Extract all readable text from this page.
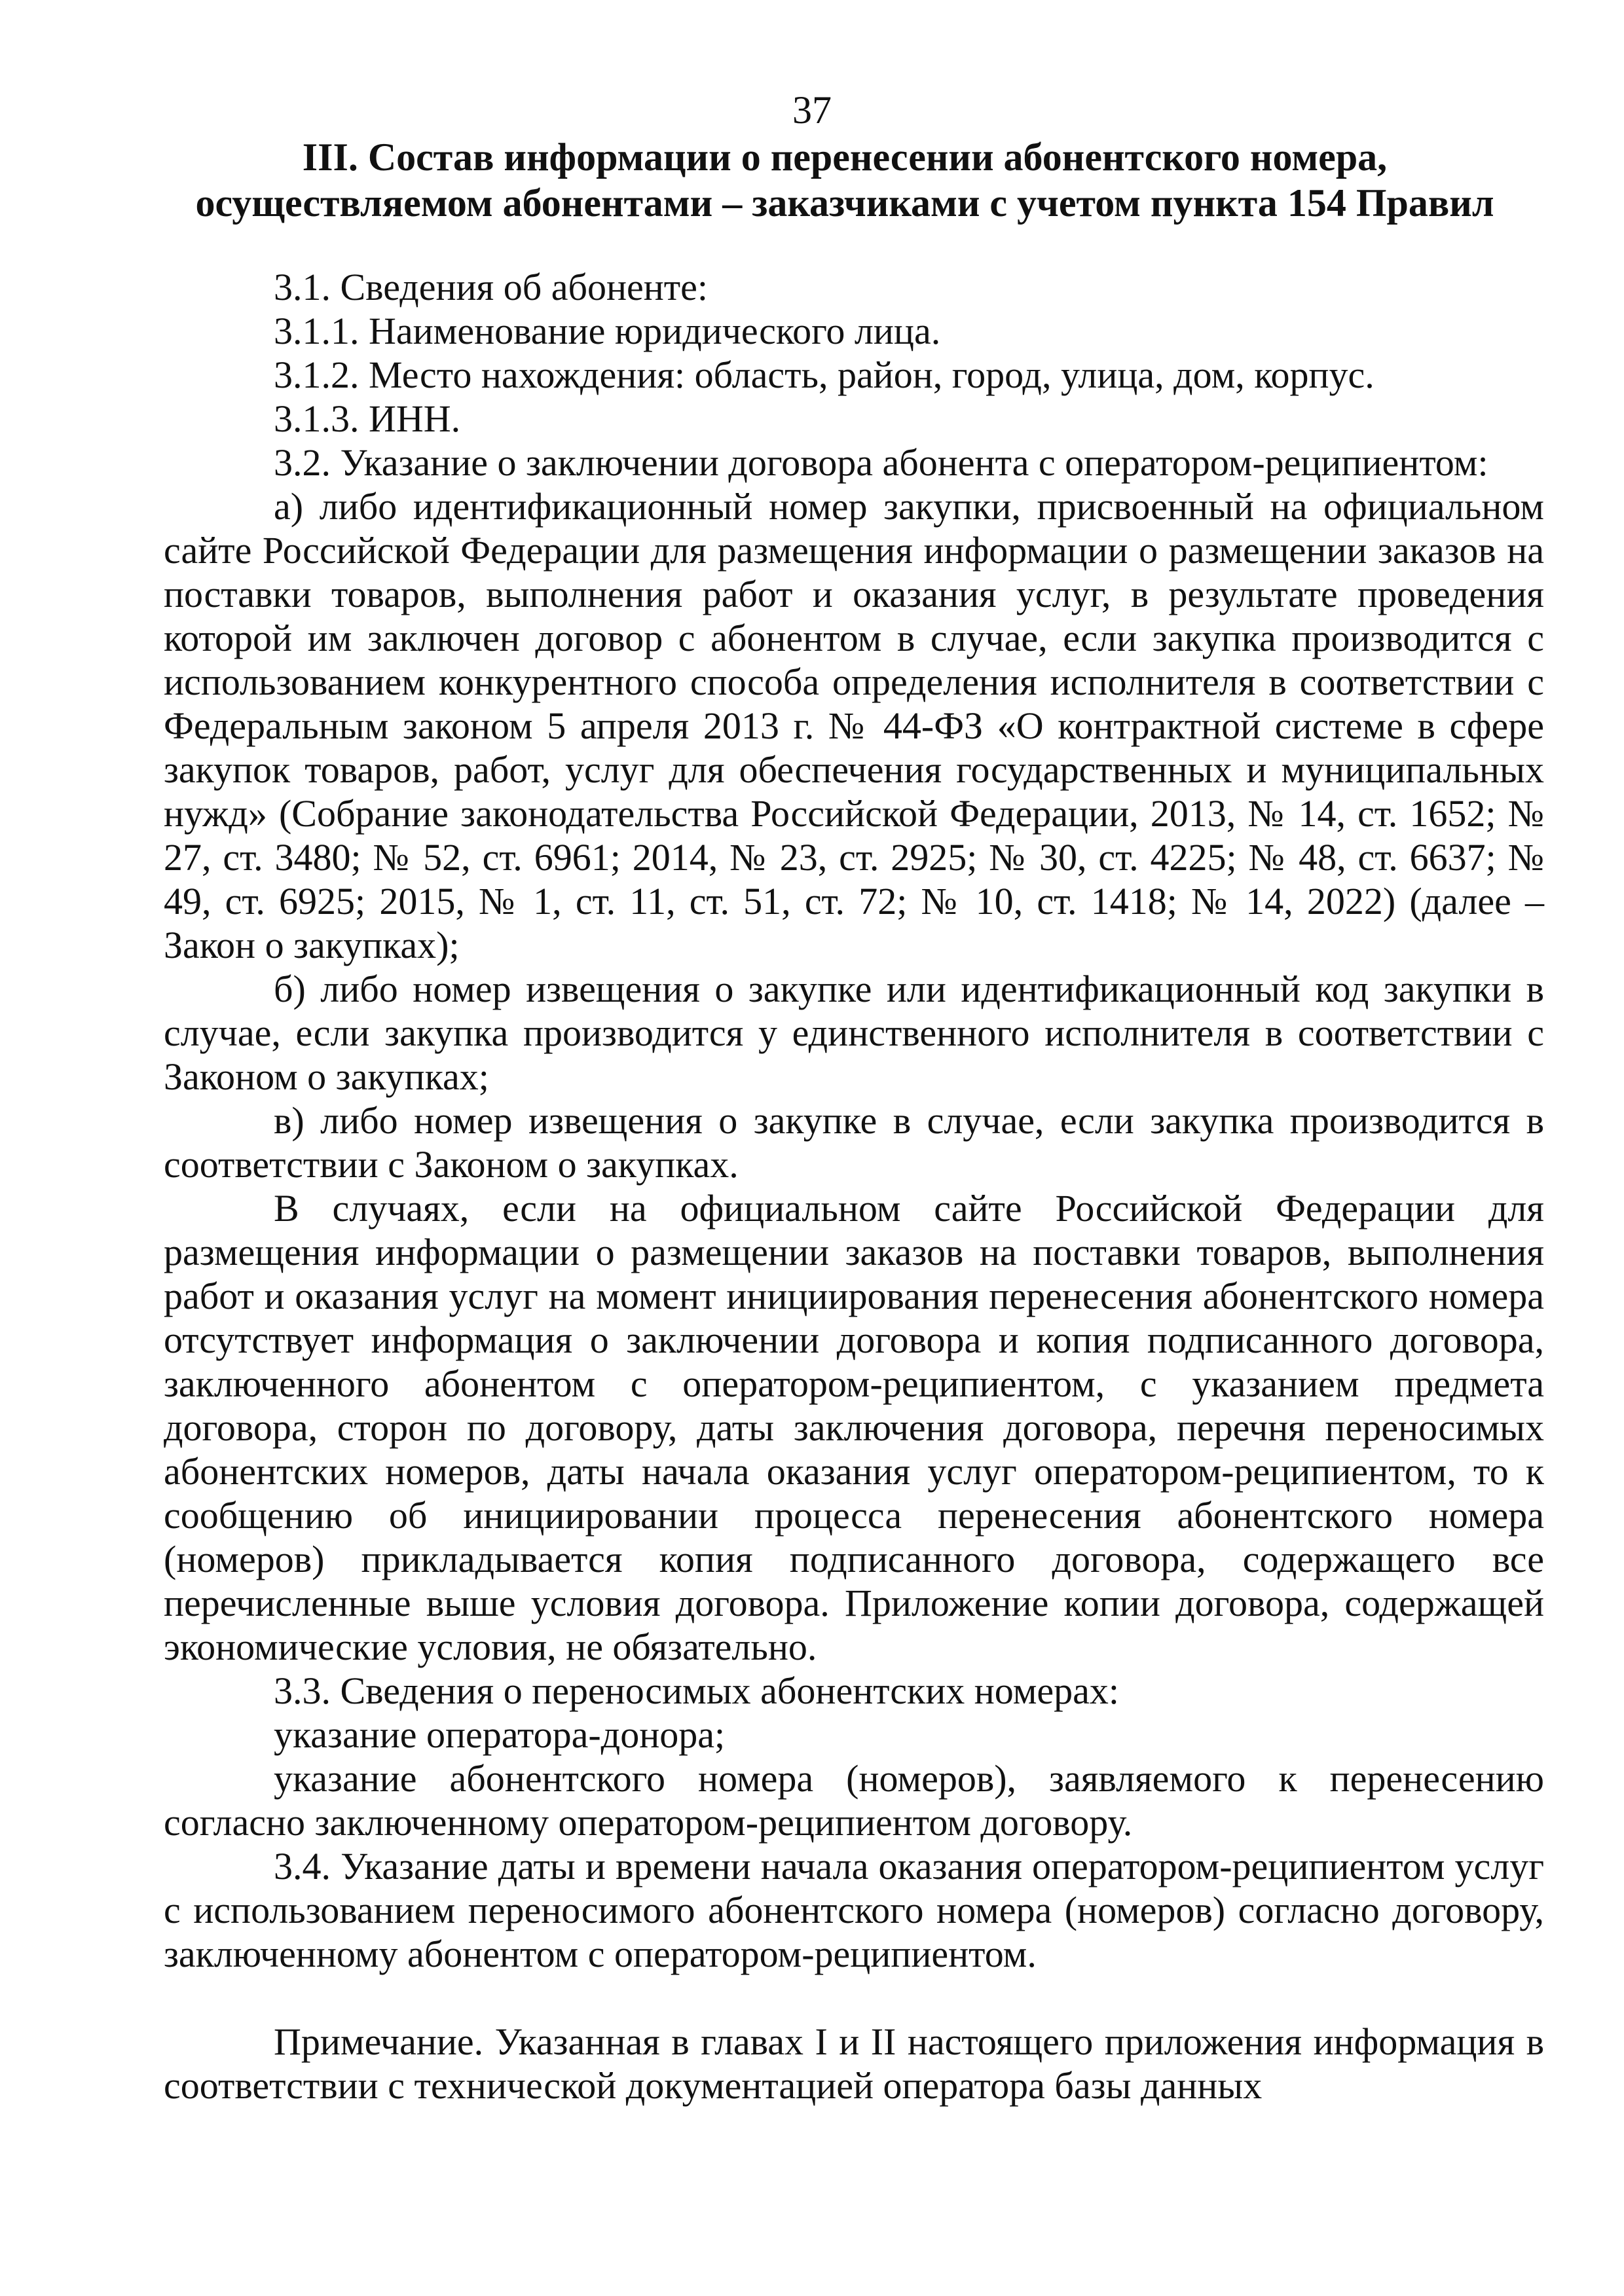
37
III. Состав информации о перенесении абонентского номера,
осуществляемом абонентами – заказчиками с учетом пункта 154 Правил

3.1. Сведения об абоненте:

3.1.1. Наименование юридического лица.

3.1.2. Место нахождения: область, район, город, улица, дом, корпус.

3.1.3. ИНН.

3.2. Указание о заключении договора абонента с оператором-реципиентом:

а) либо идентификационный номер закупки, присвоенный на официальном сайте Российской Федерации для размещения информации о размещении заказов на поставки товаров, выполнения работ и оказания услуг, в результате проведения которой им заключен договор с абонентом в случае, если закупка производится с использованием конкурентного способа определения исполнителя в соответствии с Федеральным законом 5 апреля 2013 г. № 44-ФЗ «О контрактной системе в сфере закупок товаров, работ, услуг для обеспечения государственных и муниципальных нужд» (Собрание законодательства Российской Федерации, 2013, № 14, ст. 1652; № 27, ст. 3480; № 52, ст. 6961; 2014, № 23, ст. 2925; № 30, ст. 4225; № 48, ст. 6637; № 49, ст. 6925; 2015, № 1, ст. 11, ст. 51, ст. 72; № 10, ст. 1418; № 14, 2022) (далее – Закон о закупках);

б) либо номер извещения о закупке или идентификационный код закупки в случае, если закупка производится у единственного исполнителя в соответствии с Законом о закупках;

в) либо номер извещения о закупке в случае, если закупка производится в соответствии с Законом о закупках.

В случаях, если на официальном сайте Российской Федерации для размещения информации о размещении заказов на поставки товаров, выполнения работ и оказания услуг на момент инициирования перенесения абонентского номера отсутствует информация о заключении договора и копия подписанного договора, заключенного абонентом с оператором-реципиентом, с указанием предмета договора, сторон по договору, даты заключения договора, перечня переносимых абонентских номеров, даты начала оказания услуг оператором-реципиентом, то к сообщению об инициировании процесса перенесения абонентского номера (номеров) прикладывается копия подписанного договора, содержащего все перечисленные выше условия договора. Приложение копии договора, содержащей экономические условия, не обязательно.

3.3. Сведения о переносимых абонентских номерах:

указание оператора-донора;

указание абонентского номера (номеров), заявляемого к перенесению согласно заключенному оператором-реципиентом договору.

3.4. Указание даты и времени начала оказания оператором-реципиентом услуг с использованием переносимого абонентского номера (номеров) согласно договору, заключенному абонентом с оператором-реципиентом.

Примечание. Указанная в главах I и II настоящего приложения информация в соответствии с технической документацией оператора базы данных
